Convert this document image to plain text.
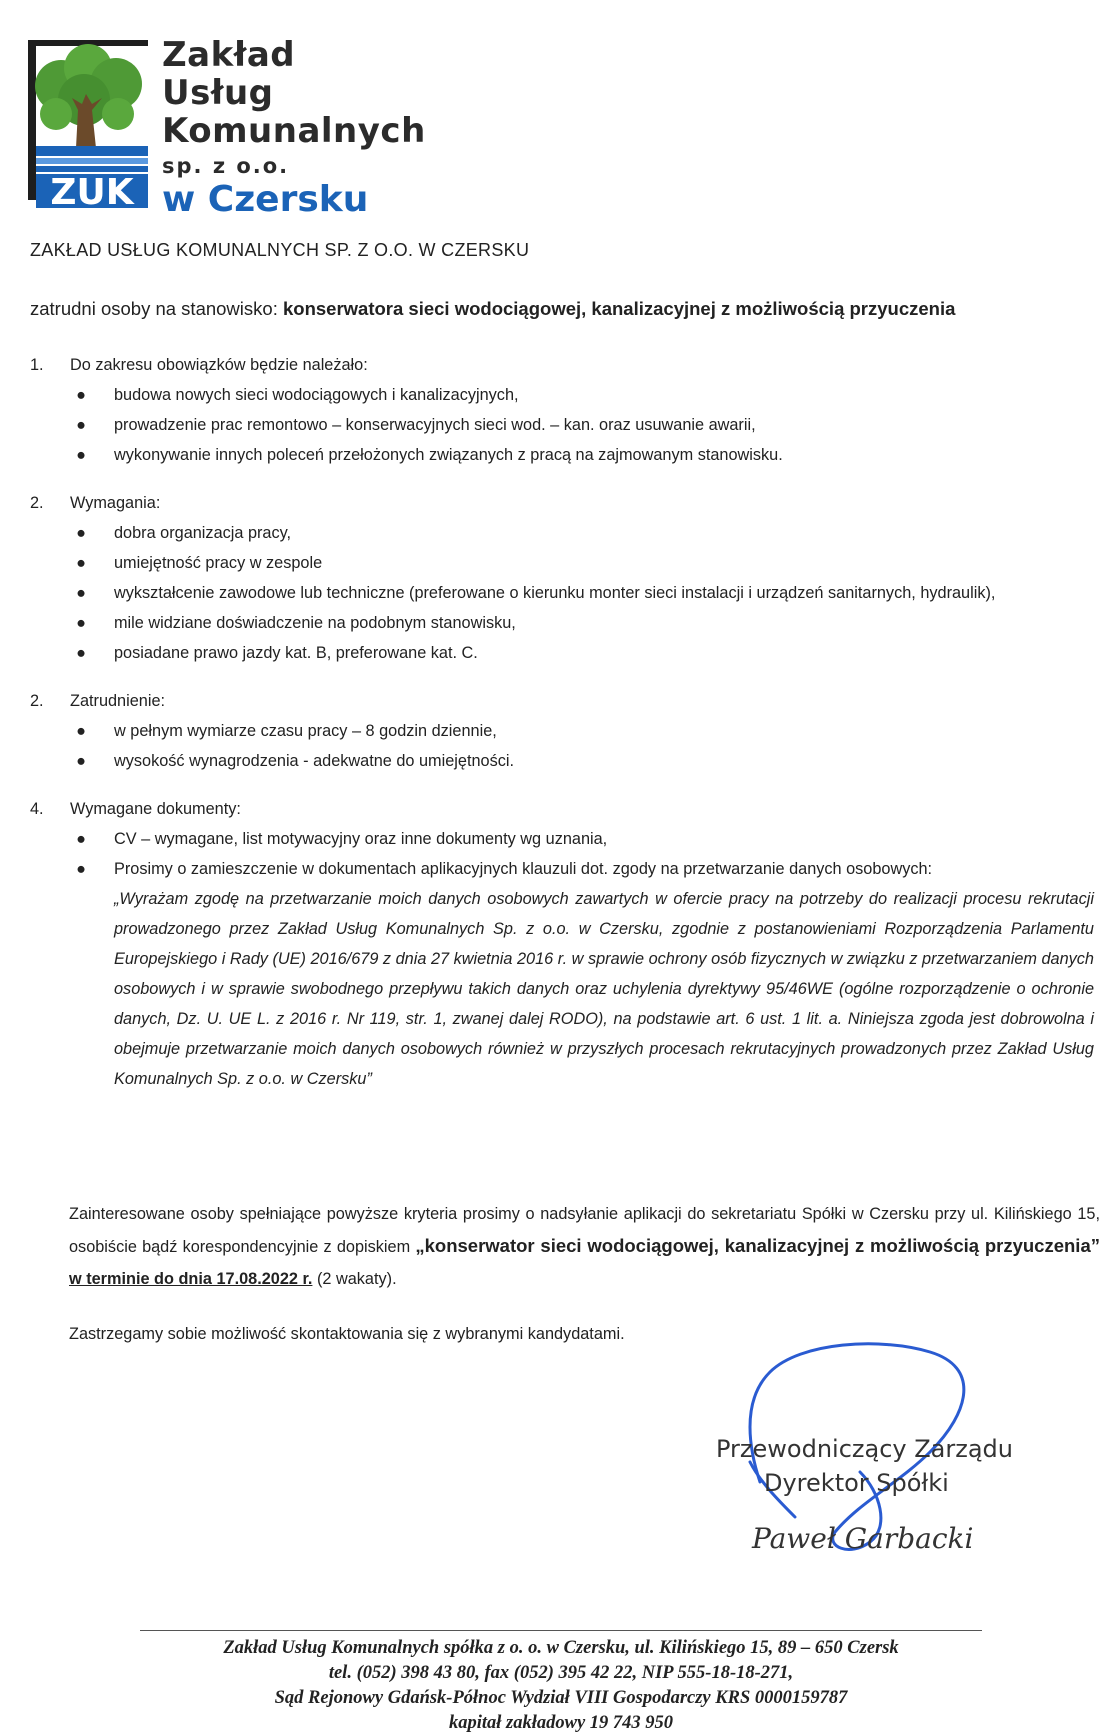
ZUK
Zakład
Usług
Komunalnych
sp. z o.o.
w Czersku
ZAKŁAD USŁUG KOMUNALNYCH SP. Z O.O. W CZERSKU
zatrudni osoby na stanowisko: konserwatora sieci wodociągowej, kanalizacyjnej z możliwością przyuczenia
1.	Do zakresu obowiązków będzie należało:
●	budowa nowych sieci wodociągowych i kanalizacyjnych,
●	prowadzenie prac remontowo – konserwacyjnych sieci wod. – kan. oraz usuwanie awarii,
●	wykonywanie innych poleceń przełożonych związanych z pracą na zajmowanym stanowisku.
2.	Wymagania:
●	dobra organizacja pracy,
●	umiejętność pracy w zespole
●	wykształcenie zawodowe lub techniczne (preferowane o kierunku monter sieci instalacji i urządzeń sanitarnych, hydraulik),
●	mile widziane doświadczenie na podobnym stanowisku,
●	posiadane prawo jazdy kat. B, preferowane kat. C.
2.	Zatrudnienie:
●	w pełnym wymiarze czasu pracy – 8 godzin dziennie,
●	wysokość wynagrodzenia - adekwatne do umiejętności.
4.	Wymagane dokumenty:
●	CV – wymagane, list motywacyjny oraz inne dokumenty wg uznania,
●	Prosimy o zamieszczenie w dokumentach aplikacyjnych klauzuli dot. zgody na przetwarzanie danych osobowych:
„Wyrażam zgodę na przetwarzanie moich danych osobowych zawartych w ofercie pracy na potrzeby do realizacji procesu rekrutacji prowadzonego przez Zakład Usług Komunalnych Sp. z o.o. w Czersku, zgodnie z postanowieniami Rozporządzenia Parlamentu Europejskiego i Rady (UE) 2016/679 z dnia 27 kwietnia 2016 r. w sprawie ochrony osób fizycznych w związku z przetwarzaniem danych osobowych i w sprawie swobodnego przepływu takich danych oraz uchylenia dyrektywy 95/46WE (ogólne rozporządzenie o ochronie danych, Dz. U. UE L. z 2016 r. Nr 119, str. 1, zwanej dalej RODO), na podstawie art. 6 ust. 1 lit. a. Niniejsza zgoda jest dobrowolna i obejmuje przetwarzanie moich danych osobowych również w przyszłych procesach rekrutacyjnych prowadzonych przez Zakład Usług Komunalnych Sp. z o.o. w Czersku”
Zainteresowane osoby spełniające powyższe kryteria prosimy o nadsyłanie aplikacji do sekretariatu Spółki w Czersku przy ul. Kilińskiego 15, osobiście bądź korespondencyjnie z dopiskiem „konserwator sieci wodociągowej, kanalizacyjnej z możliwością przyuczenia” w terminie do dnia 17.08.2022 r. (2 wakaty).
Zastrzegamy sobie możliwość skontaktowania się z wybranymi kandydatami.
Przewodniczący Zarządu
Dyrektor Spółki
Paweł Garbacki
Zakład Usług Komunalnych spółka z o. o. w Czersku, ul. Kilińskiego 15, 89 – 650 Czersk
tel. (052) 398 43 80, fax (052) 395 42 22, NIP 555-18-18-271,
Sąd Rejonowy Gdańsk-Północ Wydział VIII Gospodarczy KRS 0000159787
kapitał zakładowy 19 743 950
